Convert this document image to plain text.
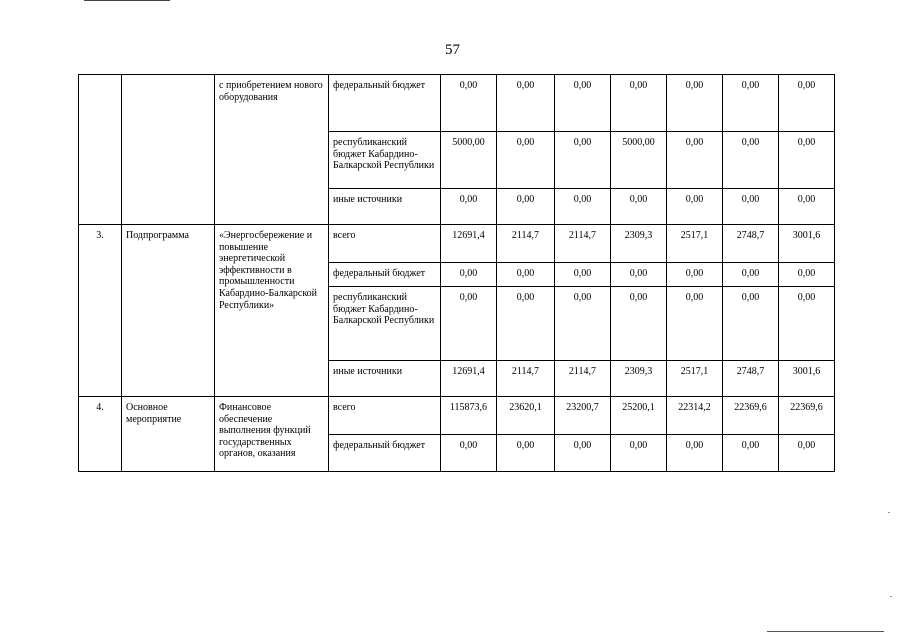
57
		с приобретением нового оборудования	федеральный бюджет	0,00	0,00	0,00	0,00	0,00	0,00	0,00
			республиканский бюджет Кабардино-Балкарской Республики	5000,00	0,00	0,00	5000,00	0,00	0,00	0,00
			иные источники	0,00	0,00	0,00	0,00	0,00	0,00	0,00
3.	Подпрограмма	«Энергосбережение и повышение энергетической эффективности в промышленности Кабардино-Балкарской Республики»	всего	12691,4	2114,7	2114,7	2309,3	2517,1	2748,7	3001,6
			федеральный бюджет	0,00	0,00	0,00	0,00	0,00	0,00	0,00
			республиканский бюджет Кабардино-Балкарской Республики	0,00	0,00	0,00	0,00	0,00	0,00	0,00
			иные источники	12691,4	2114,7	2114,7	2309,3	2517,1	2748,7	3001,6
4.	Основное мероприятие	Финансовое обеспечение выполнения функций государственных органов, оказания	всего	115873,6	23620,1	23200,7	25200,1	22314,2	22369,6	22369,6
			федеральный бюджет	0,00	0,00	0,00	0,00	0,00	0,00	0,00
